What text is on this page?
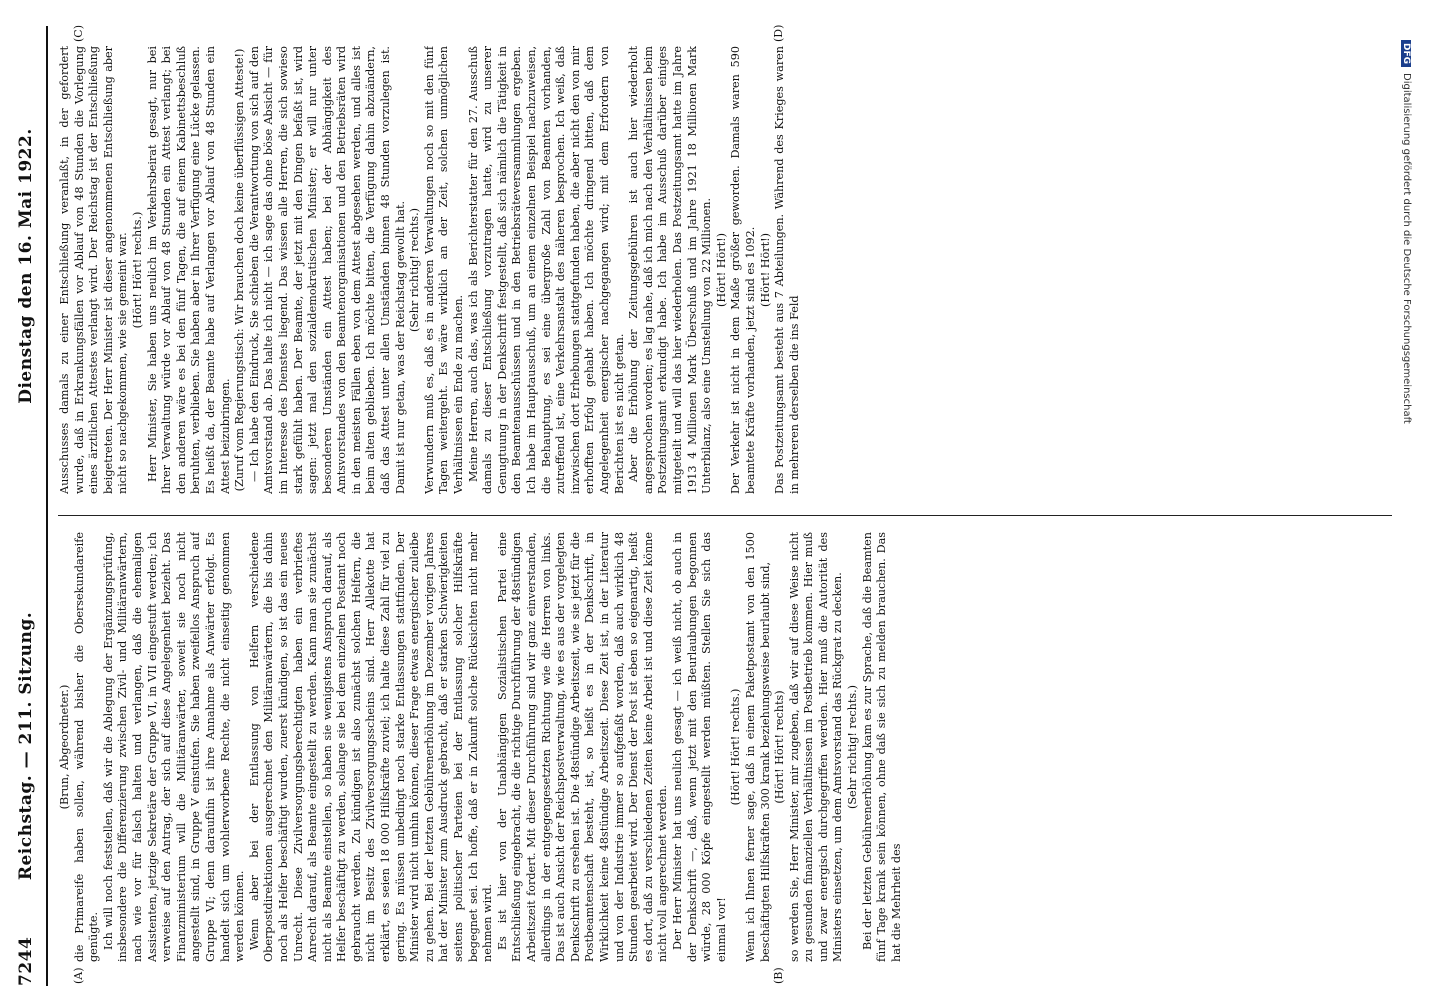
7244
Reichstag. — 211. Sitzung.
Dienstag den 16. Mai 1922.
(A)	(B)
(C)	(D)

(Brun, Abgeordneter.) die Primareife haben sollen, während bisher die Obersekundareife genügte. Ich will noch feststellen, daß wir die Ablegung der Ergänzungsprüfung, insbesondere die Differenzierung zwischen Zivil- und Militäranwärtern, nach wie vor für falsch halten und verlangen, daß die ehemaligen Assistenten, jetzige Sekretäre der Gruppe VI, in VII eingestuft werden; ich verweise auf den Antrag, der sich auf diese Angelegenheit bezieht. Das Finanzministerium will die Militäranwärter, soweit sie noch nicht angestellt sind, in Gruppe V einstufen. Sie haben zweifellos Anspruch auf Gruppe VI; denn daraufhin ist ihre Annahme als Anwärter erfolgt. Es handelt sich um wohlerworbene Rechte, die nicht einseitig genommen werden können. Wenn aber bei der Entlassung von Helfern verschiedene Oberpostdirektionen ausgerechnet den Militäranwärtern, die bis dahin noch als Helfer beschäftigt wurden, zuerst kündigen, so ist das ein neues Unrecht. Diese Zivilversorgungsberechtigten haben ein verbrieftes Anrecht darauf, als Beamte eingestellt zu werden. Kann man sie zunächst nicht als Beamte einstellen, so haben sie wenigstens Anspruch darauf, als Helfer beschäftigt zu werden, solange sie bei dem einzelnen Postamt noch gebraucht werden. Zu kündigen ist also zunächst solchen Helfern, die nicht im Besitz des Zivilversorgungsscheins sind. Herr Allekotte hat erklärt, es seien 18 000 Hilfskräfte zuviel; ich halte diese Zahl für viel zu gering. Es müssen unbedingt noch starke Entlassungen stattfinden. Der Minister wird nicht umhin können, dieser Frage etwas energischer zuleibe zu gehen. Bei der letzten Gebührenerhöhung im Dezember vorigen Jahres hat der Minister zum Ausdruck gebracht, daß er starken Schwierigkeiten seitens politischer Parteien bei der Entlassung solcher Hilfskräfte begegnet sei. Ich hoffe, daß er in Zukunft solche Rücksichten nicht mehr nehmen wird. Es ist hier von der Unabhängigen Sozialistischen Partei eine Entschließung eingebracht, die die richtige Durchführung der 48stündigen Arbeitszeit fordert. Mit dieser Durchführung sind wir ganz einverstanden, allerdings in der entgegengesetzten Richtung wie die Herren von links. Das ist auch Ansicht der Reichspostverwaltung, wie es aus der vorgelegten Denkschrift zu ersehen ist. Die 48stündige Arbeitszeit, wie sie jetzt für die Postbeamtenschaft besteht, ist, so heißt es in der Denkschrift, in Wirklichkeit keine 48stündige Arbeitszeit. Diese Zeit ist, in der Literatur und von der Industrie immer so aufgefaßt worden, daß auch wirklich 48 Stunden gearbeitet wird. Der Dienst der Post ist eben so eigenartig, heißt es dort, daß zu verschiedenen Zeiten keine Arbeit ist und diese Zeit könne nicht voll angerechnet werden. Der Herr Minister hat uns neulich gesagt — ich weiß nicht, ob auch in der Denkschrift —, daß, wenn jetzt mit den Beurlaubungen begonnen würde, 28 000 Köpfe eingestellt werden müßten. Stellen Sie sich das einmal vor!

(Hört! Hört! rechts.) Wenn ich Ihnen ferner sage, daß in einem Paketpostamt von den 1500 beschäftigten Hilfskräften 300 krank beziehungsweise beurlaubt sind, (Hört! Hört! rechts) so werden Sie, Herr Minister, mir zugeben, daß wir auf diese Weise nicht zu gesunden finanziellen Verhältnissen im Postbetrieb kommen. Hier muß und zwar energisch durchgegriffen werden. Hier muß die Autorität des Ministers einsetzen, um dem Amtsvorstand das Rückgrat zu decken. (Sehr richtig! rechts.) Bei der letzten Gebührenerhöhung kam es zur Sprache, daß die Beamten fünf Tage krank sein können, ohne daß sie sich zu melden brauchen. Das hat die Mehrheit des

Ausschusses damals zu einer Entschließung veranlaßt, in der gefordert wurde, daß in Erkrankungsfällen vor Ablauf von 48 Stunden die Vorlegung eines ärztlichen Attestes verlangt wird. Der Reichstag ist der Entschließung beigetreten. Der Herr Minister ist dieser angenommenen Entschließung aber nicht so nachgekommen, wie sie gemeint war. (Hört! Hört! rechts.) Herr Minister, Sie haben uns neulich im Verkehrsbeirat gesagt, nur bei Ihrer Verwaltung würde vor Ablauf von 48 Stunden ein Attest verlangt; bei den anderen wäre es bei den fünf Tagen, die auf einem Kabinettsbeschluß beruhten, verblieben. Sie haben aber in Ihrer Verfügung eine Lücke gelassen. Es heißt da, der Beamte habe auf Verlangen vor Ablauf von 48 Stunden ein Attest beizubringen. (Zuruf vom Regierungstisch: Wir brauchen doch keine überflüssigen Atteste!) — Ich habe den Eindruck, Sie schieben die Verantwortung von sich auf den Amtsvorstand ab. Das halte ich nicht — ich sage das ohne böse Absicht — für im Interesse des Dienstes liegend. Das wissen alle Herren, die sich sowieso stark gefühlt haben. Der Beamte, der jetzt mit den Dingen befaßt ist, wird sagen: jetzt mal den sozialdemokratischen Minister; er will nur unter besonderen Umständen ein Attest haben; bei der Abhängigkeit des Amtsvorstandes von den Beamtenorganisationen und den Betriebsräten wird in den meisten Fällen eben von dem Attest abgesehen werden, und alles ist beim alten geblieben. Ich möchte bitten, die Verfügung dahin abzuändern, daß das Attest unter allen Umständen binnen 48 Stunden vorzulegen ist. Damit ist nur getan, was der Reichstag gewollt hat. (Sehr richtig! rechts.) Verwundern muß es, daß es in anderen Verwaltungen noch so mit den fünf Tagen weitergeht. Es wäre wirklich an der Zeit, solchen unmöglichen Verhältnissen ein Ende zu machen. Meine Herren, auch das, was ich als Berichterstatter für den 27. Ausschuß damals zu dieser Entschließung vorzutragen hatte, wird zu unserer Genugtuung in der Denkschrift festgestellt, daß sich nämlich die Tätigkeit in den Beamtenausschüssen und in den Betriebsräteversammlungen ergeben. Ich habe im Hauptausschuß, um an einem einzelnen Beispiel nachzuweisen, die Behauptung, es sei eine übergroße Zahl von Beamten vorhanden, zutreffend ist, eine Verkehrsanstalt des näheren besprochen. Ich weiß, daß inzwischen dort Erhebungen stattgefunden haben, die aber nicht den von mir erhofften Erfolg gehabt haben. Ich möchte dringend bitten, daß dem Angelegenheit energischer nachgegangen wird; mit dem Erfordern von Berichten ist es nicht getan. Aber die Erhöhung der Zeitungsgebühren ist auch hier wiederholt angesprochen worden; es lag nahe, daß ich mich nach den Verhältnissen beim Postzeitungsamt erkundigt habe. Ich habe im Ausschuß darüber einiges mitgeteilt und will das hier wiederholen. Das Postzeitungsamt hatte im Jahre 1913 4 Millionen Mark Überschuß und im Jahre 1921 18 Millionen Mark Unterbilanz, also eine Umstellung von 22 Millionen. (Hört! Hört!) Der Verkehr ist nicht in dem Maße größer geworden. Damals waren 590 beamtete Kräfte vorhanden, jetzt sind es 1092. (Hört! Hört!) Das Postzeitungsamt besteht aus 7 Abteilungen. Während des Krieges waren in mehreren derselben die ins Feld

DFGDigitalisierung gefördert durch die Deutsche Forschungsgemeinschaft
